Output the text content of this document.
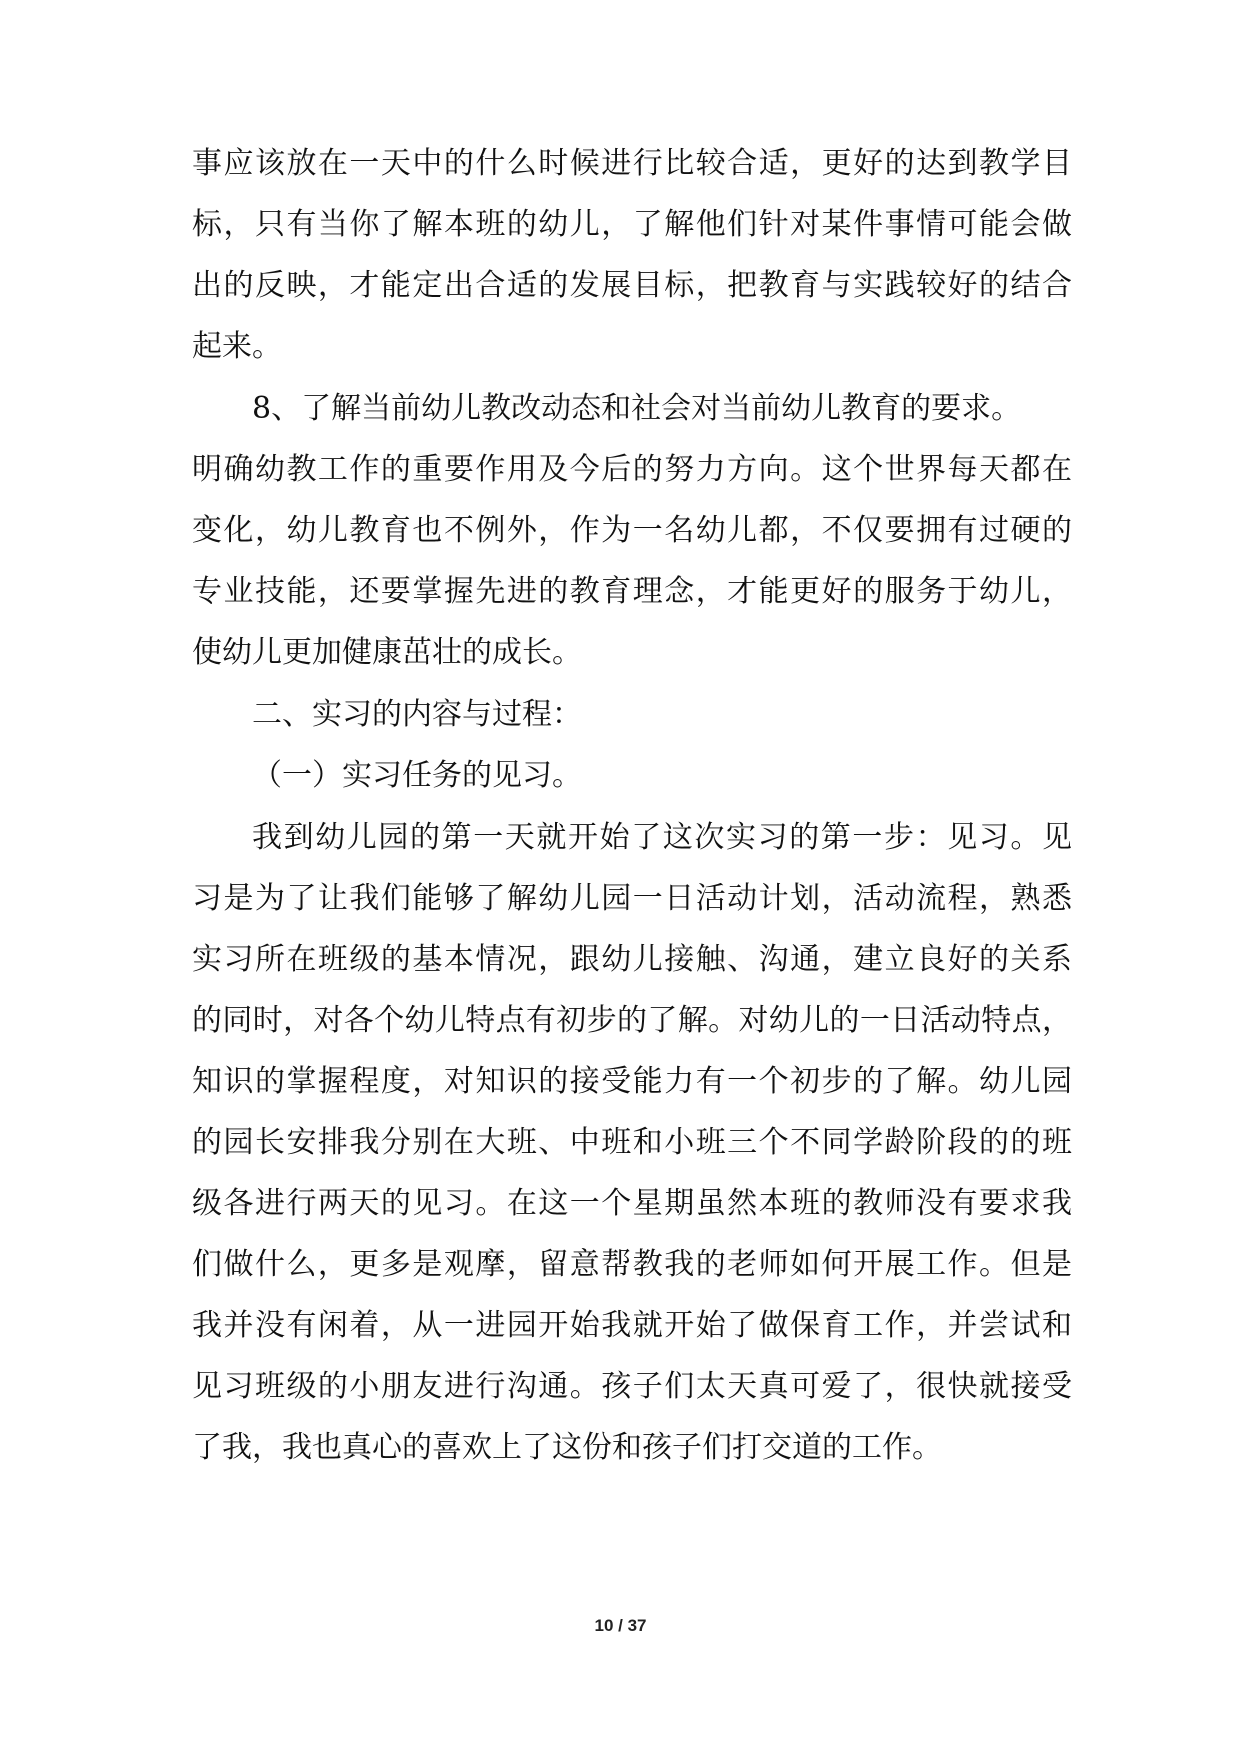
事应该放在一天中的什么时候进行比较合适，更好的达到教学目
标，只有当你了解本班的幼儿，了解他们针对某件事情可能会做
出的反映，才能定出合适的发展目标，把教育与实践较好的结合
起来。
8、了解当前幼儿教改动态和社会对当前幼儿教育的要求。
明确幼教工作的重要作用及今后的努力方向。这个世界每天都在
变化，幼儿教育也不例外，作为一名幼儿都，不仅要拥有过硬的
专业技能，还要掌握先进的教育理念，才能更好的服务于幼儿，
使幼儿更加健康茁壮的成长。
二、实习的内容与过程：
（一）实习任务的见习。
我到幼儿园的第一天就开始了这次实习的第一步：见习。见
习是为了让我们能够了解幼儿园一日活动计划，活动流程，熟悉
实习所在班级的基本情况，跟幼儿接触、沟通，建立良好的关系
的同时，对各个幼儿特点有初步的了解。对幼儿的一日活动特点，
知识的掌握程度，对知识的接受能力有一个初步的了解。幼儿园
的园长安排我分别在大班、中班和小班三个不同学龄阶段的的班
级各进行两天的见习。在这一个星期虽然本班的教师没有要求我
们做什么，更多是观摩，留意帮教我的老师如何开展工作。但是
我并没有闲着，从一进园开始我就开始了做保育工作，并尝试和
见习班级的小朋友进行沟通。孩子们太天真可爱了，很快就接受
了我，我也真心的喜欢上了这份和孩子们打交道的工作。
10 / 37
